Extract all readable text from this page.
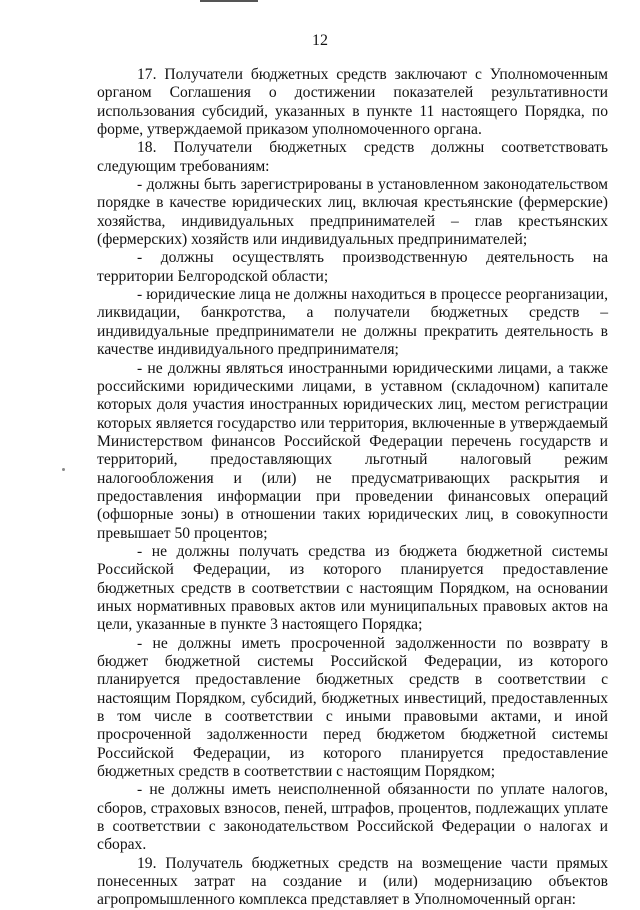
12

17. Получатели бюджетных средств заключают с Уполномоченным органом Соглашения о достижении показателей результативности использования субсидий, указанных в пункте 11 настоящего Порядка, по форме, утверждаемой приказом уполномоченного органа.

18. Получатели бюджетных средств должны соответствовать следующим требованиям:

- должны быть зарегистрированы в установленном законодательством порядке в качестве юридических лиц, включая крестьянские (фермерские) хозяйства, индивидуальных предпринимателей – глав крестьянских (фермерских) хозяйств или индивидуальных предпринимателей;

- должны осуществлять производственную деятельность на территории Белгородской области;

- юридические лица не должны находиться в процессе реорганизации, ликвидации, банкротства, а получатели бюджетных средств – индивидуальные предприниматели не должны прекратить деятельность в качестве индивидуального предпринимателя;

- не должны являться иностранными юридическими лицами, а также российскими юридическими лицами, в уставном (складочном) капитале которых доля участия иностранных юридических лиц, местом регистрации которых является государство или территория, включенные в утверждаемый Министерством финансов Российской Федерации перечень государств и территорий, предоставляющих льготный налоговый режим налогообложения и (или) не предусматривающих раскрытия и предоставления информации при проведении финансовых операций (офшорные зоны) в отношении таких юридических лиц, в совокупности превышает 50 процентов;

- не должны получать средства из бюджета бюджетной системы Российской Федерации, из которого планируется предоставление бюджетных средств в соответствии с настоящим Порядком, на основании иных нормативных правовых актов или муниципальных правовых актов на цели, указанные в пункте 3 настоящего Порядка;

- не должны иметь просроченной задолженности по возврату в бюджет бюджетной системы Российской Федерации, из которого планируется предоставление бюджетных средств в соответствии с настоящим Порядком, субсидий, бюджетных инвестиций, предоставленных в том числе в соответствии с иными правовыми актами, и иной просроченной задолженности перед бюджетом бюджетной системы Российской Федерации, из которого планируется предоставление бюджетных средств в соответствии с настоящим Порядком;

- не должны иметь неисполненной обязанности по уплате налогов, сборов, страховых взносов, пеней, штрафов, процентов, подлежащих уплате в соответствии с законодательством Российской Федерации о налогах и сборах.

19. Получатель бюджетных средств на возмещение части прямых понесенных затрат на создание и (или) модернизацию объектов агропромышленного комплекса представляет в Уполномоченный орган:
